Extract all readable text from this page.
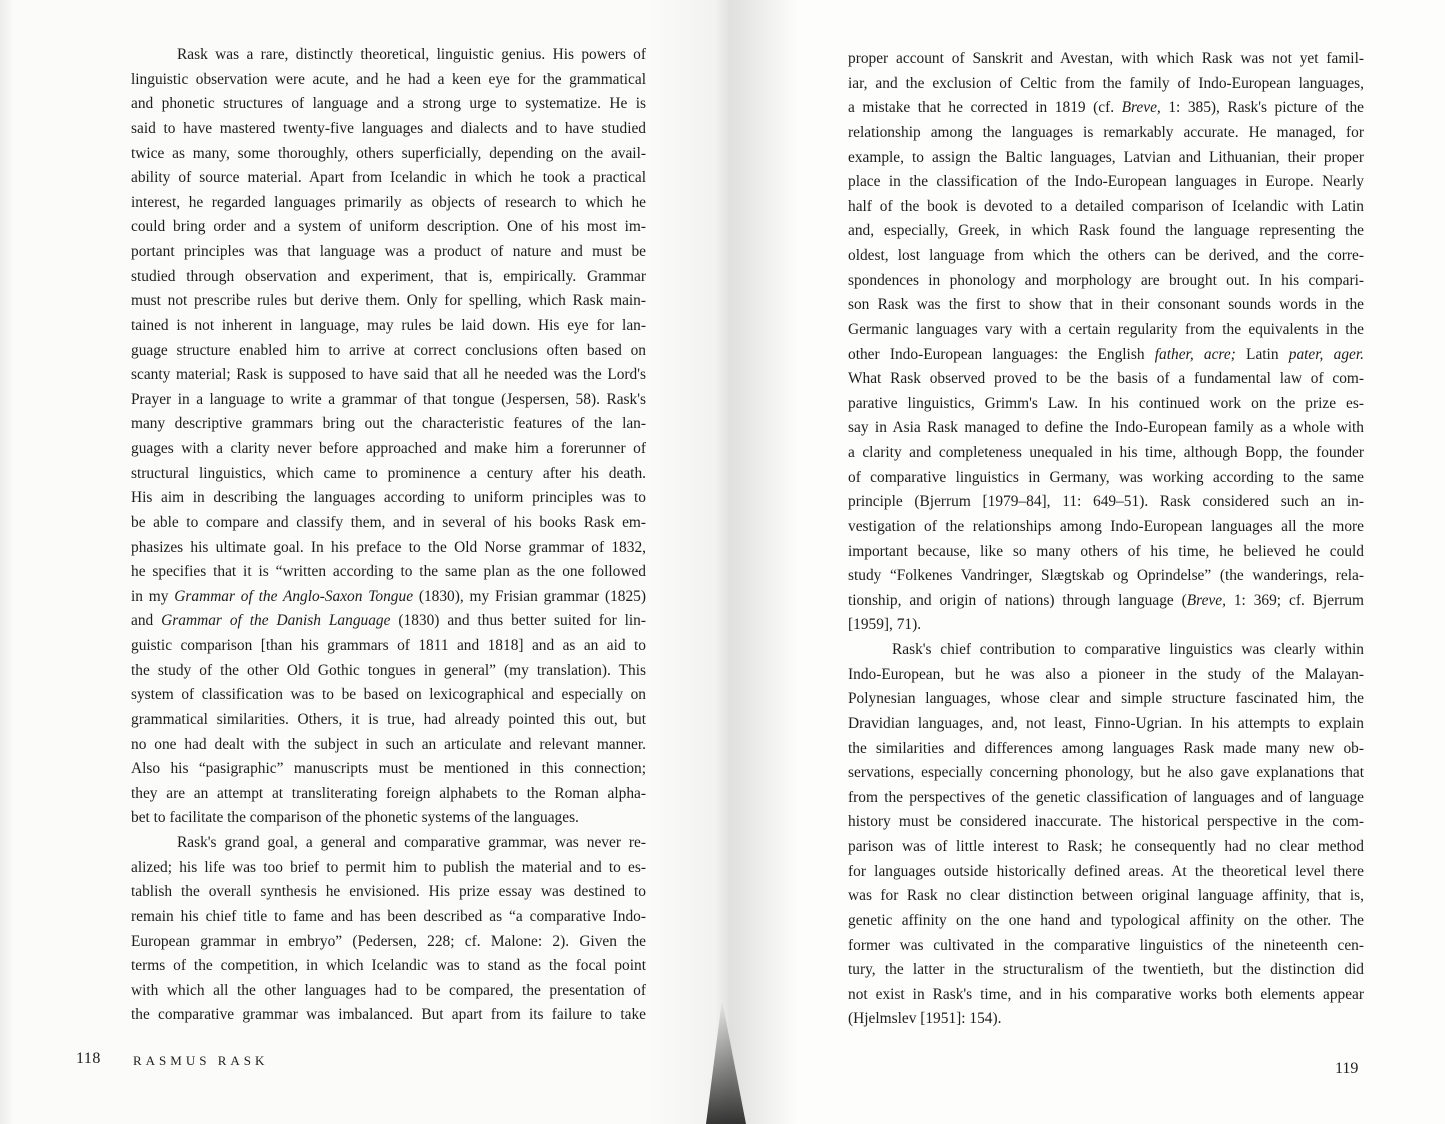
Rask was a rare, distinctly theoretical, linguistic genius. His powers of
linguistic observation were acute, and he had a keen eye for the grammatical
and phonetic structures of language and a strong urge to systematize. He is
said to have mastered twenty-five languages and dialects and to have studied
twice as many, some thoroughly, others superficially, depending on the avail-
ability of source material. Apart from Icelandic in which he took a practical
interest, he regarded languages primarily as objects of research to which he
could bring order and a system of uniform description. One of his most im-
portant principles was that language was a product of nature and must be
studied through observation and experiment, that is, empirically. Grammar
must not prescribe rules but derive them. Only for spelling, which Rask main-
tained is not inherent in language, may rules be laid down. His eye for lan-
guage structure enabled him to arrive at correct conclusions often based on
scanty material; Rask is supposed to have said that all he needed was the Lord's
Prayer in a language to write a grammar of that tongue (Jespersen, 58). Rask's
many descriptive grammars bring out the characteristic features of the lan-
guages with a clarity never before approached and make him a forerunner of
structural linguistics, which came to prominence a century after his death.
His aim in describing the languages according to uniform principles was to
be able to compare and classify them, and in several of his books Rask em-
phasizes his ultimate goal. In his preface to the Old Norse grammar of 1832,
he specifies that it is “written according to the same plan as the one followed
in my Grammar of the Anglo-Saxon Tongue (1830), my Frisian grammar (1825)
and Grammar of the Danish Language (1830) and thus better suited for lin-
guistic comparison [than his grammars of 1811 and 1818] and as an aid to
the study of the other Old Gothic tongues in general” (my translation). This
system of classification was to be based on lexicographical and especially on
grammatical similarities. Others, it is true, had already pointed this out, but
no one had dealt with the subject in such an articulate and relevant manner.
Also his “pasigraphic” manuscripts must be mentioned in this connection;
they are an attempt at transliterating foreign alphabets to the Roman alpha-
bet to facilitate the comparison of the phonetic systems of the languages.
Rask's grand goal, a general and comparative grammar, was never re-
alized; his life was too brief to permit him to publish the material and to es-
tablish the overall synthesis he envisioned. His prize essay was destined to
remain his chief title to fame and has been described as “a comparative Indo-
European grammar in embryo” (Pedersen, 228; cf. Malone: 2). Given the
terms of the competition, in which Icelandic was to stand as the focal point
with which all the other languages had to be compared, the presentation of
the comparative grammar was imbalanced. But apart from its failure to take
118 RASMUS RASK
proper account of Sanskrit and Avestan, with which Rask was not yet famil-
iar, and the exclusion of Celtic from the family of Indo-European languages,
a mistake that he corrected in 1819 (cf. Breve, 1: 385), Rask's picture of the
relationship among the languages is remarkably accurate. He managed, for
example, to assign the Baltic languages, Latvian and Lithuanian, their proper
place in the classification of the Indo-European languages in Europe. Nearly
half of the book is devoted to a detailed comparison of Icelandic with Latin
and, especially, Greek, in which Rask found the language representing the
oldest, lost language from which the others can be derived, and the corre-
spondences in phonology and morphology are brought out. In his compari-
son Rask was the first to show that in their consonant sounds words in the
Germanic languages vary with a certain regularity from the equivalents in the
other Indo-European languages: the English father, acre; Latin pater, ager.
What Rask observed proved to be the basis of a fundamental law of com-
parative linguistics, Grimm's Law. In his continued work on the prize es-
say in Asia Rask managed to define the Indo-European family as a whole with
a clarity and completeness unequaled in his time, although Bopp, the founder
of comparative linguistics in Germany, was working according to the same
principle (Bjerrum [1979–84], 11: 649–51). Rask considered such an in-
vestigation of the relationships among Indo-European languages all the more
important because, like so many others of his time, he believed he could
study “Folkenes Vandringer, Slægtskab og Oprindelse” (the wanderings, rela-
tionship, and origin of nations) through language (Breve, 1: 369; cf. Bjerrum
[1959], 71).
Rask's chief contribution to comparative linguistics was clearly within
Indo-European, but he was also a pioneer in the study of the Malayan-
Polynesian languages, whose clear and simple structure fascinated him, the
Dravidian languages, and, not least, Finno-Ugrian. In his attempts to explain
the similarities and differences among languages Rask made many new ob-
servations, especially concerning phonology, but he also gave explanations that
from the perspectives of the genetic classification of languages and of language
history must be considered inaccurate. The historical perspective in the com-
parison was of little interest to Rask; he consequently had no clear method
for languages outside historically defined areas. At the theoretical level there
was for Rask no clear distinction between original language affinity, that is,
genetic affinity on the one hand and typological affinity on the other. The
former was cultivated in the comparative linguistics of the nineteenth cen-
tury, the latter in the structuralism of the twentieth, but the distinction did
not exist in Rask's time, and in his comparative works both elements appear
(Hjelmslev [1951]: 154).
119
